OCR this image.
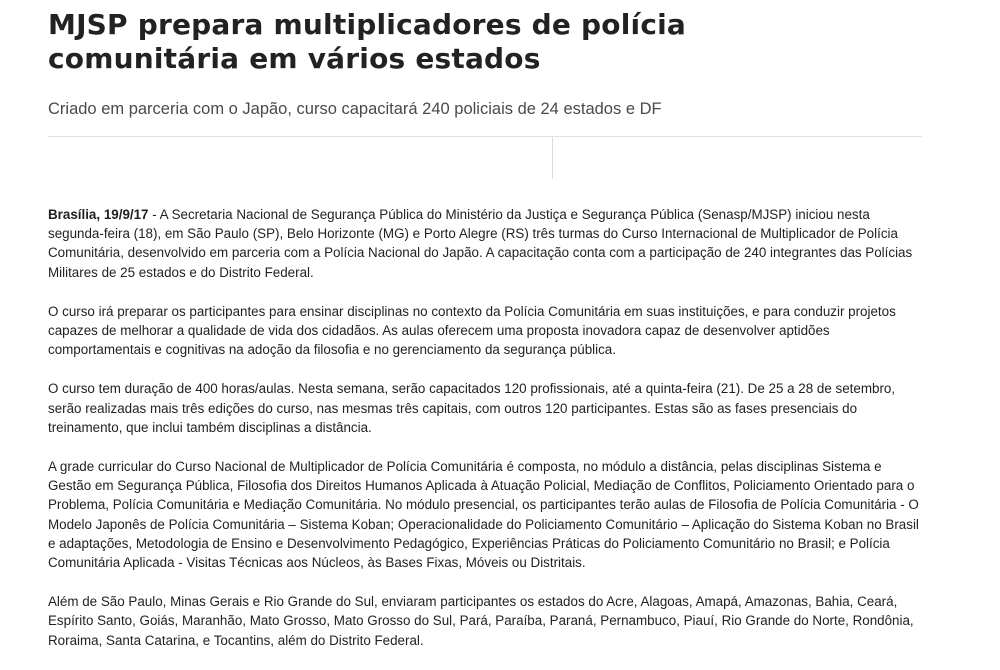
MJSP prepara multiplicadores de polícia
comunitária em vários estados

Criado em parceria com o Japão, curso capacitará 240 policiais de 24 estados e DF

Brasília, 19/9/17 - A Secretaria Nacional de Segurança Pública do Ministério da Justiça e Segurança Pública (Senasp/MJSP) iniciou nesta segunda-feira (18), em São Paulo (SP), Belo Horizonte (MG) e Porto Alegre (RS) três turmas do Curso Internacional de Multiplicador de Polícia Comunitária, desenvolvido em parceria com a Polícia Nacional do Japão. A capacitação conta com a participação de 240 integrantes das Polícias Militares de 25 estados e do Distrito Federal.

O curso irá preparar os participantes para ensinar disciplinas no contexto da Polícia Comunitária em suas instituições, e para conduzir projetos capazes de melhorar a qualidade de vida dos cidadãos. As aulas oferecem uma proposta inovadora capaz de desenvolver aptidões comportamentais e cognitivas na adoção da filosofia e no gerenciamento da segurança pública.

O curso tem duração de 400 horas/aulas. Nesta semana, serão capacitados 120 profissionais, até a quinta-feira (21). De 25 a 28 de setembro, serão realizadas mais três edições do curso, nas mesmas três capitais, com outros 120 participantes. Estas são as fases presenciais do treinamento, que inclui também disciplinas a distância.

A grade curricular do Curso Nacional de Multiplicador de Polícia Comunitária é composta, no módulo a distância, pelas disciplinas Sistema e Gestão em Segurança Pública, Filosofia dos Direitos Humanos Aplicada à Atuação Policial, Mediação de Conflitos, Policiamento Orientado para o Problema, Polícia Comunitária e Mediação Comunitária. No módulo presencial, os participantes terão aulas de Filosofia de Polícia Comunitária - O Modelo Japonês de Polícia Comunitária – Sistema Koban; Operacionalidade do Policiamento Comunitário – Aplicação do Sistema Koban no Brasil e adaptações, Metodologia de Ensino e Desenvolvimento Pedagógico, Experiências Práticas do Policiamento Comunitário no Brasil; e Polícia Comunitária Aplicada - Visitas Técnicas aos Núcleos, às Bases Fixas, Móveis ou Distritais.

Além de São Paulo, Minas Gerais e Rio Grande do Sul, enviaram participantes os estados do Acre, Alagoas, Amapá, Amazonas, Bahia, Ceará, Espírito Santo, Goiás, Maranhão, Mato Grosso, Mato Grosso do Sul, Pará, Paraíba, Paraná, Pernambuco, Piauí, Rio Grande do Norte, Rondônia, Roraima, Santa Catarina, e Tocantins, além do Distrito Federal.
